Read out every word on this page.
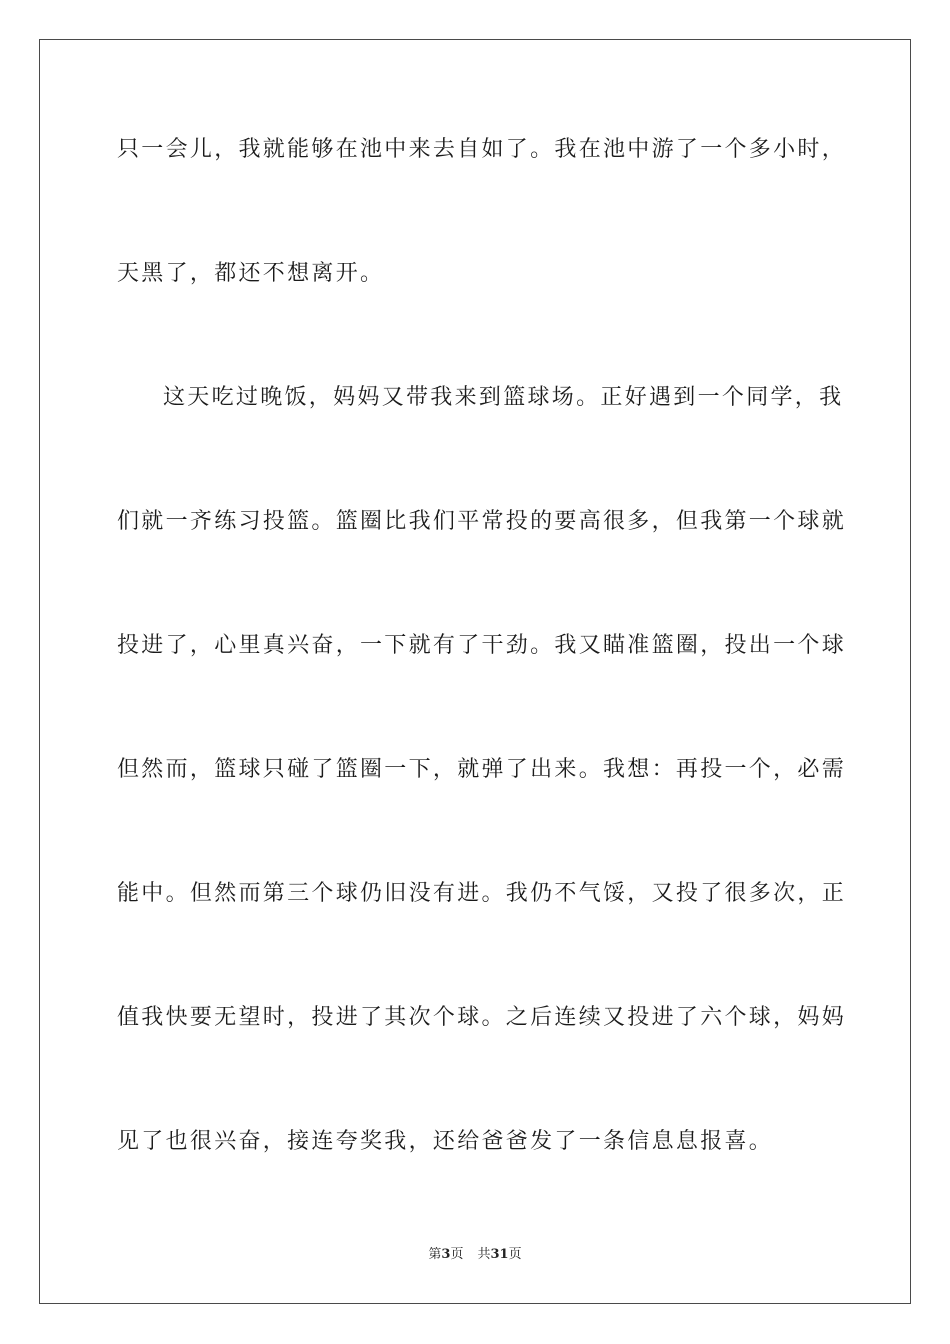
只一会儿，我就能够在池中来去自如了。我在池中游了一个多小时，
天黑了，都还不想离开。
这天吃过晚饭，妈妈又带我来到篮球场。正好遇到一个同学，我
们就一齐练习投篮。篮圈比我们平常投的要高很多，但我第一个球就
投进了，心里真兴奋，一下就有了干劲。我又瞄准篮圈，投出一个球
但然而，篮球只碰了篮圈一下，就弹了出来。我想：再投一个，必需
能中。但然而第三个球仍旧没有进。我仍不气馁，又投了很多次，正
值我快要无望时，投进了其次个球。之后连续又投进了六个球，妈妈
见了也很兴奋，接连夸奖我，还给爸爸发了一条信息息报喜。
第3页 共31页
